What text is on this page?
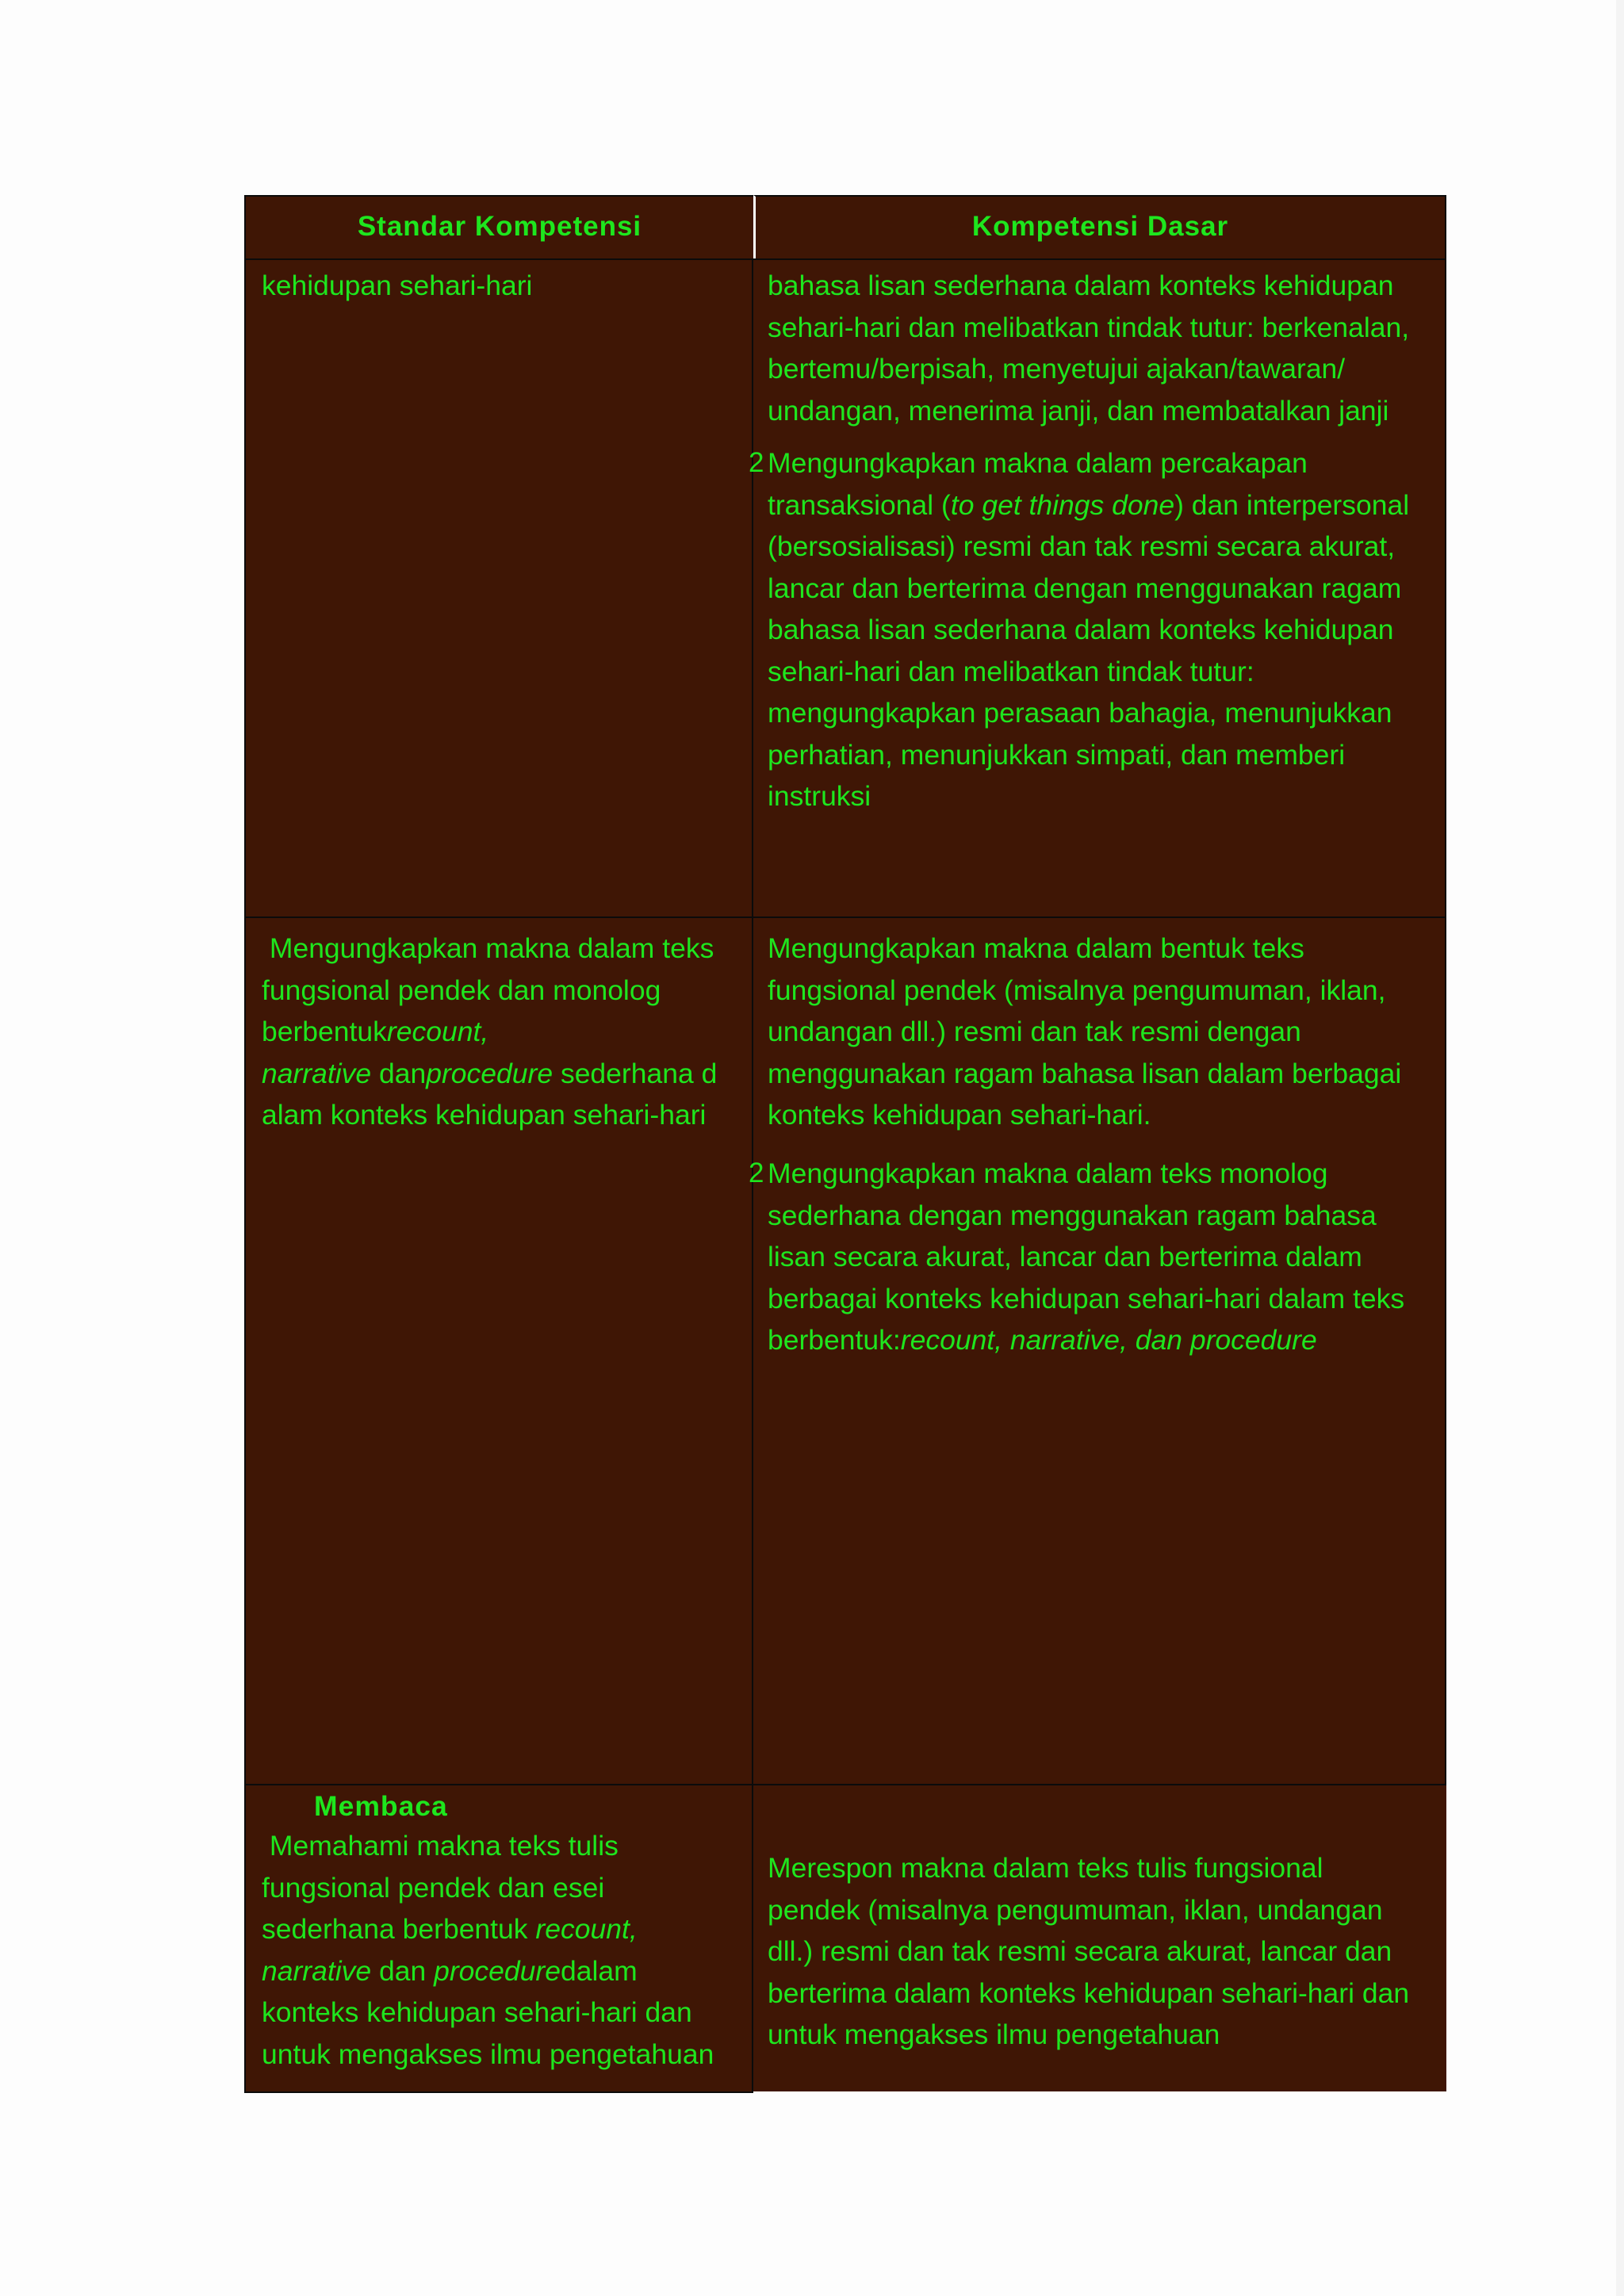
Standar Kompetensi	Kompetensi Dasar

kehidupan sehari-hari	bahasa lisan sederhana dalam konteks kehidupan

sehari-hari dan melibatkan tindak tutur: berkenalan,

bertemu/berpisah, menyetujui ajakan/tawaran/

undangan, menerima janji, dan membatalkan janji

2 Mengungkapkan makna dalam percakapan

transaksional (to get things done) dan interpersonal

(bersosialisasi) resmi dan tak resmi secara akurat,

lancar dan berterima dengan menggunakan ragam

bahasa lisan sederhana dalam konteks kehidupan

sehari-hari dan melibatkan tindak tutur:

mengungkapkan perasaan bahagia, menunjukkan

perhatian, menunjukkan simpati, dan memberi

instruksi

Mengungkapkan makna dalam teks

fungsional pendek dan monolog

berbentukrecount,

narrative danprocedure sederhana d

alam konteks kehidupan sehari-hari

Mengungkapkan makna dalam bentuk teks

fungsional pendek (misalnya pengumuman, iklan,

undangan dll.) resmi dan tak resmi dengan

menggunakan ragam bahasa lisan dalam berbagai

konteks kehidupan sehari-hari.

2 Mengungkapkan makna dalam teks monolog

sederhana dengan menggunakan ragam bahasa

lisan secara akurat, lancar dan berterima dalam

berbagai konteks kehidupan sehari-hari dalam teks

berbentuk:recount, narrative, dan procedure

Membaca

Memahami makna teks tulis

fungsional pendek dan esei

sederhana berbentuk recount,

narrative dan proceduredalam

konteks kehidupan sehari-hari dan

untuk mengakses ilmu pengetahuan

Merespon makna dalam teks tulis fungsional

pendek (misalnya pengumuman, iklan, undangan

dll.) resmi dan tak resmi secara akurat, lancar dan

berterima dalam konteks kehidupan sehari-hari dan

untuk mengakses ilmu pengetahuan
